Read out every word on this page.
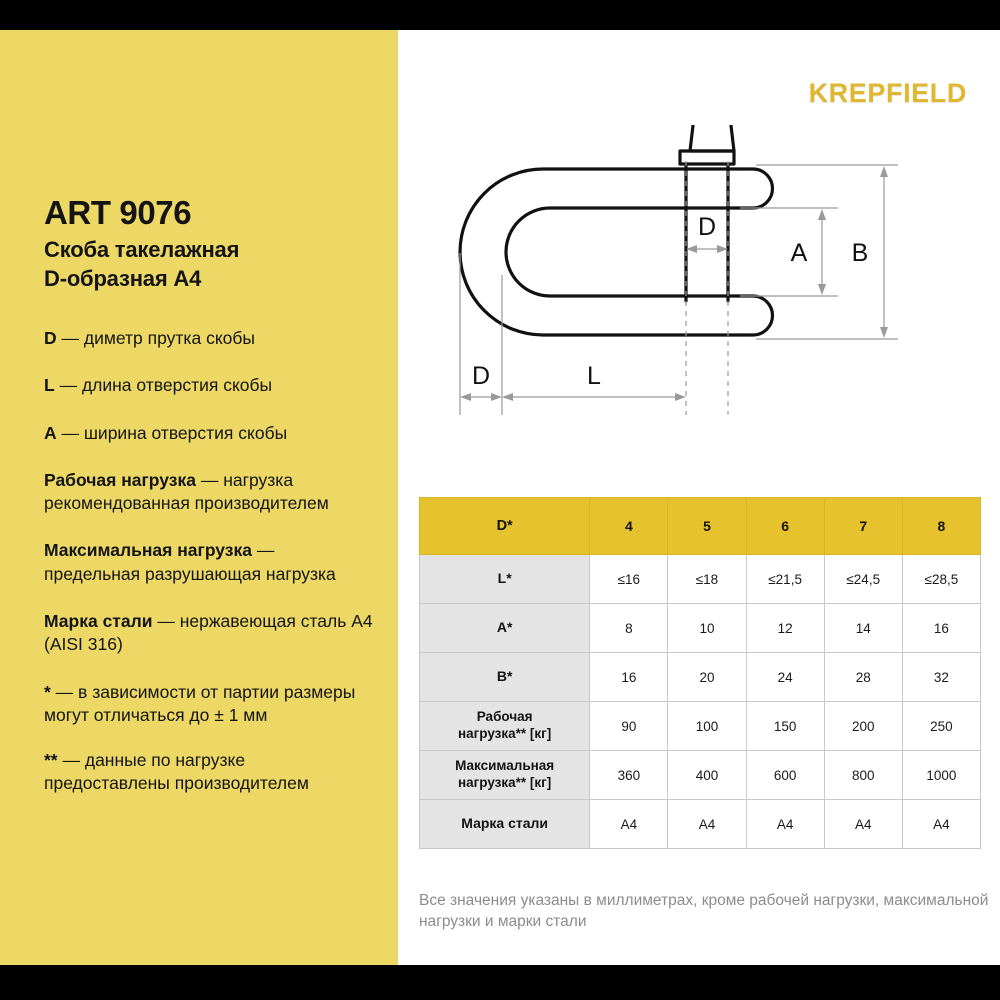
ART 9076
Скоба такелажная
D-образная A4

D — диметр прутка скобы

L — длина отверстия скобы

A — ширина отверстия скобы

Рабочая нагрузка — нагрузка рекомендованная производителем

Максимальная нагрузка — предельная разрушающая нагрузка

Марка стали — нержавеющая сталь A4 (AISI 316)

* — в зависимости от партии размеры могут отличаться до ± 1 мм

** — данные по нагрузке предоставлены производителем

KREPFIELD
D
A B
D	L
D*	4	5	6	7	8
L*	≤16	≤18	≤21,5	≤24,5	≤28,5
A*	8	10	12	14	16
B*	16	20	24	28	32
Рабочая
нагрузка** [кг]	90	100	150	200	250
Максимальная
нагрузка** [кг]	360	400	600	800	1000
Марка стали	A4	A4	A4	A4	A4
Все значения указаны в миллиметрах, кроме рабочей нагрузки, максимальной нагрузки и марки стали
